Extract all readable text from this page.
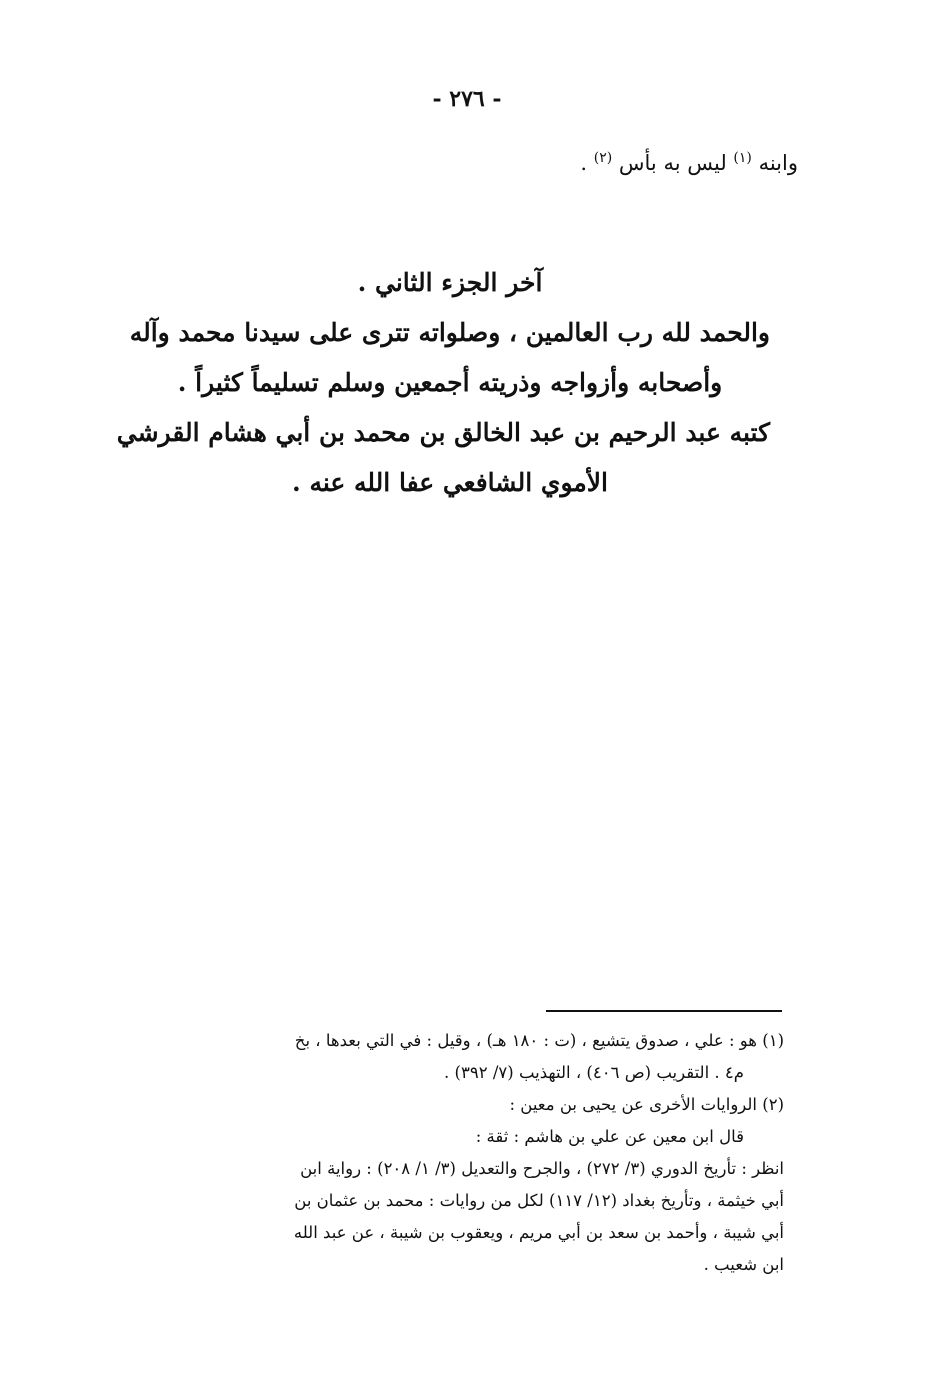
- ٢٧٦ -
وابنه $^{(١)}$ ليس به بأس $^{(٢)}$ .
آخر الجزء الثاني .
والحمد لله رب العالمين ، وصلواته تترى على سيدنا محمد وآله
وأصحابه وأزواجه وذريته أجمعين وسلم تسليماً كثيراً .
كتبه عبد الرحيم بن عبد الخالق بن محمد بن أبي هشام القرشي
الأموي الشافعي عفا الله عنه .

(١) هو : علي ، صدوق يتشيع ، (ت : ١٨٠ هـ) ، وقيل : في التي بعدها ، بخ

م٤ . التقريب (ص ٤٠٦) ، التهذيب (٧/ ٣٩٢) .

(٢) الروايات الأخرى عن يحيى بن معين :

قال ابن معين عن علي بن هاشم : ثقة :

انظر : تأريخ الدوري (٣/ ٢٧٢) ، والجرح والتعديل (٣/ ١/ ٢٠٨) : رواية ابن

أبي خيثمة ، وتأريخ بغداد (١٢/ ١١٧) لكل من روايات : محمد بن عثمان بن

أبي شيبة ، وأحمد بن سعد بن أبي مريم ، ويعقوب بن شيبة ، عن عبد الله

ابن شعيب .
